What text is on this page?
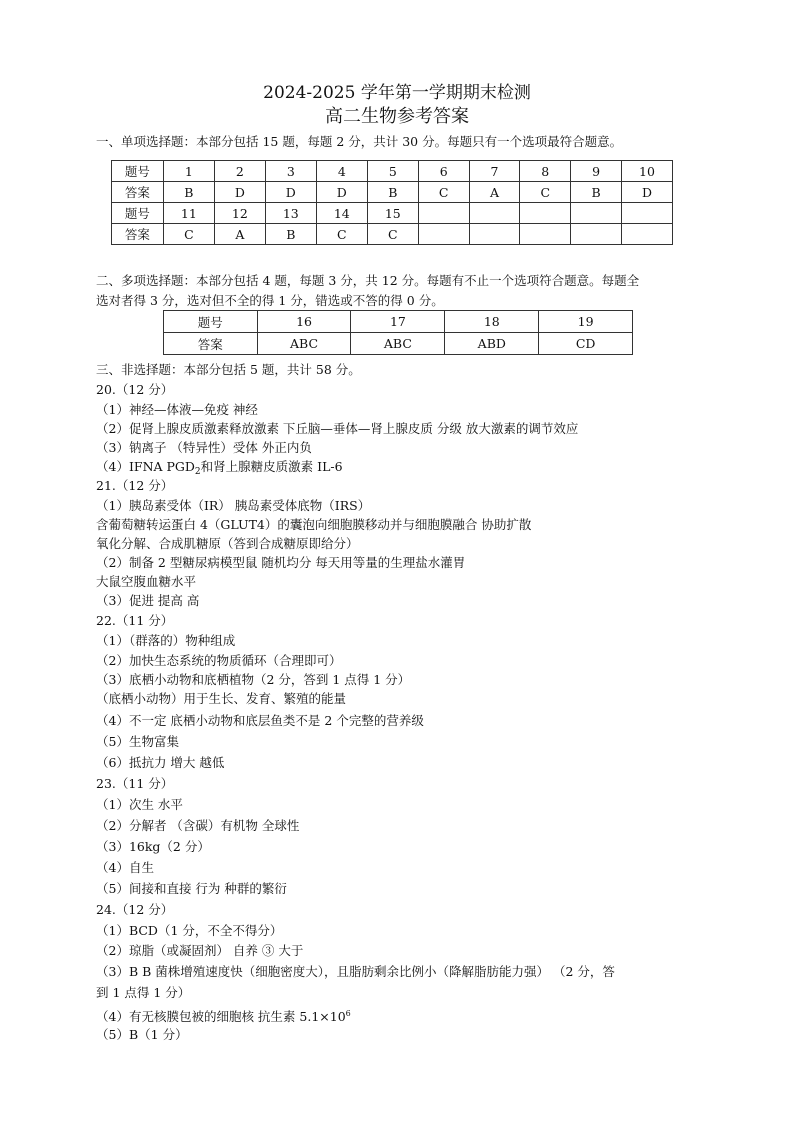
2024-2025 学年第一学期期末检测
高二生物参考答案
一、单项选择题：本部分包括 15 题，每题 2 分，共计 30 分。每题只有一个选项最符合题意。
题号	1	2	3	4	5	6	7	8	9	10
答案	B	D	D	D	B	C	A	C	B	D
题号	11	12	13	14	15					
答案	C	A	B	C	C					
二、多项选择题：本部分包括 4 题，每题 3 分，共 12 分。每题有不止一个选项符合题意。每题全
选对者得 3 分，选对但不全的得 1 分，错选或不答的得 0 分。
题号	16	17	18	19
答案	ABC	ABC	ABD	CD
三、非选择题：本部分包括 5 题，共计 58 分。
20.（12 分）
（1）神经—体液—免疫 神经
（2）促肾上腺皮质激素释放激素 下丘脑—垂体—肾上腺皮质 分级 放大激素的调节效应
（3）钠离子 （特异性）受体 外正内负
（4）IFNA $PGD_2$和肾上腺糖皮质激素 IL-6
21.（12 分）
（1）胰岛素受体（IR） 胰岛素受体底物（IRS）
含葡萄糖转运蛋白 4（GLUT4）的囊泡向细胞膜移动并与细胞膜融合 协助扩散
氧化分解、合成肌糖原（答到合成糖原即给分）
（2）制备 2 型糖尿病模型鼠 随机均分 每天用等量的生理盐水灌胃
大鼠空腹血糖水平
（3）促进 提高 高
22.（11 分）
（1）（群落的）物种组成
（2）加快生态系统的物质循环（合理即可）
（3）底栖小动物和底栖植物（2 分，答到 1 点得 1 分）
（底栖小动物）用于生长、发育、繁殖的能量
（4）不一定 底栖小动物和底层鱼类不是 2 个完整的营养级
（5）生物富集
（6）抵抗力 增大 越低
23.（11 分）
（1）次生 水平
（2）分解者 （含碳）有机物 全球性
（3）16kg（2 分）
（4）自生
（5）间接和直接 行为 种群的繁衍
24.（12 分）
（1）BCD（1 分，不全不得分）
（2）琼脂（或凝固剂） 自养 ③ 大于
（3）B B 菌株增殖速度快（细胞密度大），且脂肪剩余比例小（降解脂肪能力强） （2 分，答
到 1 点得 1 分）
（4）有无核膜包被的细胞核 抗生素 $5.1\times 10^6$
（5）B（1 分）
